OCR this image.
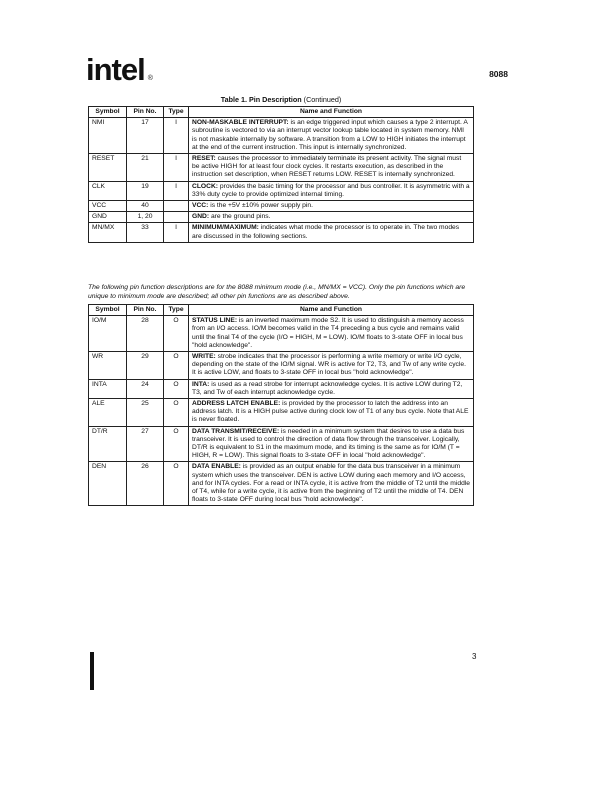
intel ®	8088
Table 1. Pin Description (Continued)
Symbol	Pin No.	Type	Name and Function
NMI	17	I	NON-MASKABLE INTERRUPT: is an edge triggered input which causes a type 2 interrupt. A subroutine is vectored to via an interrupt vector lookup table located in system memory. NMI is not maskable internally by software. A transition from a LOW to HIGH initiates the interrupt at the end of the current instruction. This input is internally synchronized.
RESET	21	I	RESET: causes the processor to immediately terminate its present activity. The signal must be active HIGH for at least four clock cycles. It restarts execution, as described in the instruction set description, when RESET returns LOW. RESET is internally synchronized.
CLK	19	I	CLOCK: provides the basic timing for the processor and bus controller. It is asymmetric with a 33% duty cycle to provide optimized internal timing.
VCC	40		VCC: is the +5V ±10% power supply pin.
GND	1, 20		GND: are the ground pins.
MN/MX	33	I	MINIMUM/MAXIMUM: indicates what mode the processor is to operate in. The two modes are discussed in the following sections.
The following pin function descriptions are for the 8088 minimum mode (i.e., MN/MX = VCC). Only the pin functions which are unique to minimum mode are described; all other pin functions are as described above.
Symbol	Pin No.	Type	Name and Function
IO/M	28	O	STATUS LINE: is an inverted maximum mode S2. It is used to distinguish a memory access from an I/O access. IO/M becomes valid in the T4 preceding a bus cycle and remains valid until the final T4 of the cycle (I/O = HIGH, M = LOW). IO/M floats to 3-state OFF in local bus "hold acknowledge".
WR	29	O	WRITE: strobe indicates that the processor is performing a write memory or write I/O cycle, depending on the state of the IO/M signal. WR is active for T2, T3, and Tw of any write cycle. It is active LOW, and floats to 3-state OFF in local bus "hold acknowledge".
INTA	24	O	INTA: is used as a read strobe for interrupt acknowledge cycles. It is active LOW during T2, T3, and Tw of each interrupt acknowledge cycle.
ALE	25	O	ADDRESS LATCH ENABLE: is provided by the processor to latch the address into an address latch. It is a HIGH pulse active during clock low of T1 of any bus cycle. Note that ALE is never floated.
DT/R	27	O	DATA TRANSMIT/RECEIVE: is needed in a minimum system that desires to use a data bus transceiver. It is used to control the direction of data flow through the transceiver. Logically, DT/R is equivalent to S1 in the maximum mode, and its timing is the same as for IO/M (T = HIGH, R = LOW). This signal floats to 3-state OFF in local "hold acknowledge".
DEN	26	O	DATA ENABLE: is provided as an output enable for the data bus transceiver in a minimum system which uses the transceiver. DEN is active LOW during each memory and I/O access, and for INTA cycles. For a read or INTA cycle, it is active from the middle of T2 until the middle of T4, while for a write cycle, it is active from the beginning of T2 until the middle of T4. DEN floats to 3-state OFF during local bus "hold acknowledge".
3
